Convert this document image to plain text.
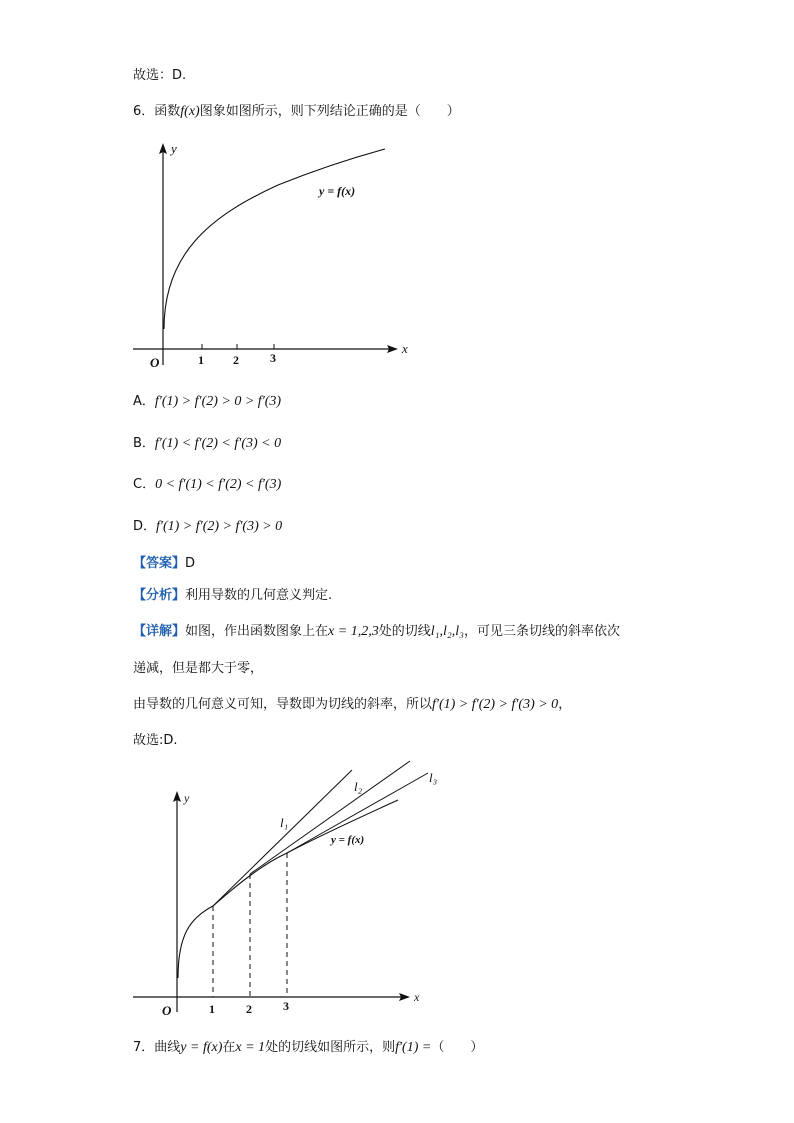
故选：D.
6．函数f(x)图象如图所示，则下列结论正确的是（　　）
y
x
O	1 2	3
y = f(x)
A．f′(1) > f′(2) > 0 > f′(3)
B．f′(1) < f′(2) < f′(3) < 0
C．0 < f′(1) < f′(2) < f′(3)
D．f′(1) > f′(2) > f′(3) > 0
【答案】D
【分析】利用导数的几何意义判定.
【详解】如图，作出函数图象上在x = 1,2,3处的切线l₁,l₂,l₃，可见三条切线的斜率依次
递减，但是都大于零，
由导数的几何意义可知，导数即为切线的斜率，所以f′(1) > f′(2) > f′(3) > 0，
故选:D.
y
x
O	1	2	3
l₁
l₂
l₃
y = f(x)
7．曲线y = f(x)在x = 1处的切线如图所示，则f′(1) =（　　）
